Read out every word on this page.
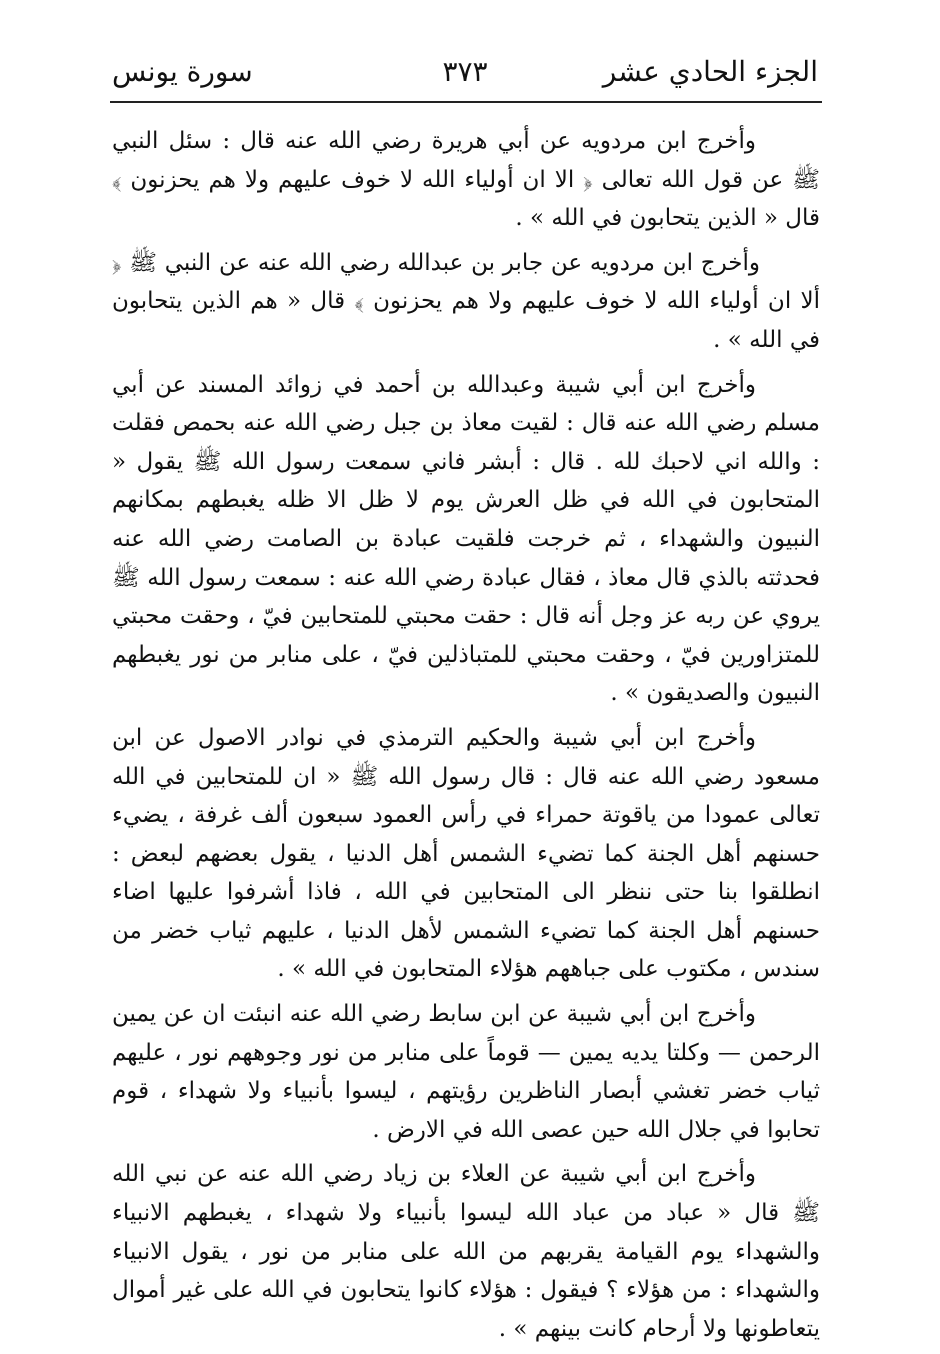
الجزء الحادي عشر
٣٧٣
سورة يونس

وأخرج ابن مردويه عن أبي هريرة رضي الله عنه قال : سئل النبي ﷺ عن قول الله تعالى ﴿ الا ان أولياء الله لا خوف عليهم ولا هم يحزنون ﴾ قال « الذين يتحابون في الله » .

وأخرج ابن مردويه عن جابر بن عبدالله رضي الله عنه عن النبي ﷺ ﴿ ألا ان أولياء الله لا خوف عليهم ولا هم يحزنون ﴾ قال « هم الذين يتحابون في الله » .

وأخرج ابن أبي شيبة وعبدالله بن أحمد في زوائد المسند عن أبي مسلم رضي الله عنه قال : لقيت معاذ بن جبل رضي الله عنه بحمص فقلت : والله اني لاحبك لله . قال : أبشر فاني سمعت رسول الله ﷺ يقول « المتحابون في الله في ظل العرش يوم لا ظل الا ظله يغبطهم بمكانهم النبيون والشهداء ، ثم خرجت فلقيت عبادة بن الصامت رضي الله عنه فحدثته بالذي قال معاذ ، فقال عبادة رضي الله عنه : سمعت رسول الله ﷺ يروي عن ربه عز وجل أنه قال : حقت محبتي للمتحابين فيّ ، وحقت محبتي للمتزاورين فيّ ، وحقت محبتي للمتباذلين فيّ ، على منابر من نور يغبطهم النبيون والصديقون » .

وأخرج ابن أبي شيبة والحكيم الترمذي في نوادر الاصول عن ابن مسعود رضي الله عنه قال : قال رسول الله ﷺ « ان للمتحابين في الله تعالى عمودا من ياقوتة حمراء في رأس العمود سبعون ألف غرفة ، يضيء حسنهم أهل الجنة كما تضيء الشمس أهل الدنيا ، يقول بعضهم لبعض : انطلقوا بنا حتى ننظر الى المتحابين في الله ، فاذا أشرفوا عليها اضاء حسنهم أهل الجنة كما تضيء الشمس لأهل الدنيا ، عليهم ثياب خضر من سندس ، مكتوب على جباههم هؤلاء المتحابون في الله » .

وأخرج ابن أبي شيبة عن ابن سابط رضي الله عنه انبئت ان عن يمين الرحمن — وكلتا يديه يمين — قوماً على منابر من نور وجوههم نور ، عليهم ثياب خضر تغشي أبصار الناظرين رؤيتهم ، ليسوا بأنبياء ولا شهداء ، قوم تحابوا في جلال الله حين عصى الله في الارض .

وأخرج ابن أبي شيبة عن العلاء بن زياد رضي الله عنه عن نبي الله ﷺ قال « عباد من عباد الله ليسوا بأنبياء ولا شهداء ، يغبطهم الانبياء والشهداء يوم القيامة يقربهم من الله على منابر من نور ، يقول الانبياء والشهداء : من هؤلاء ؟ فيقول : هؤلاء كانوا يتحابون في الله على غير أموال يتعاطونها ولا أرحام كانت بينهم » .
